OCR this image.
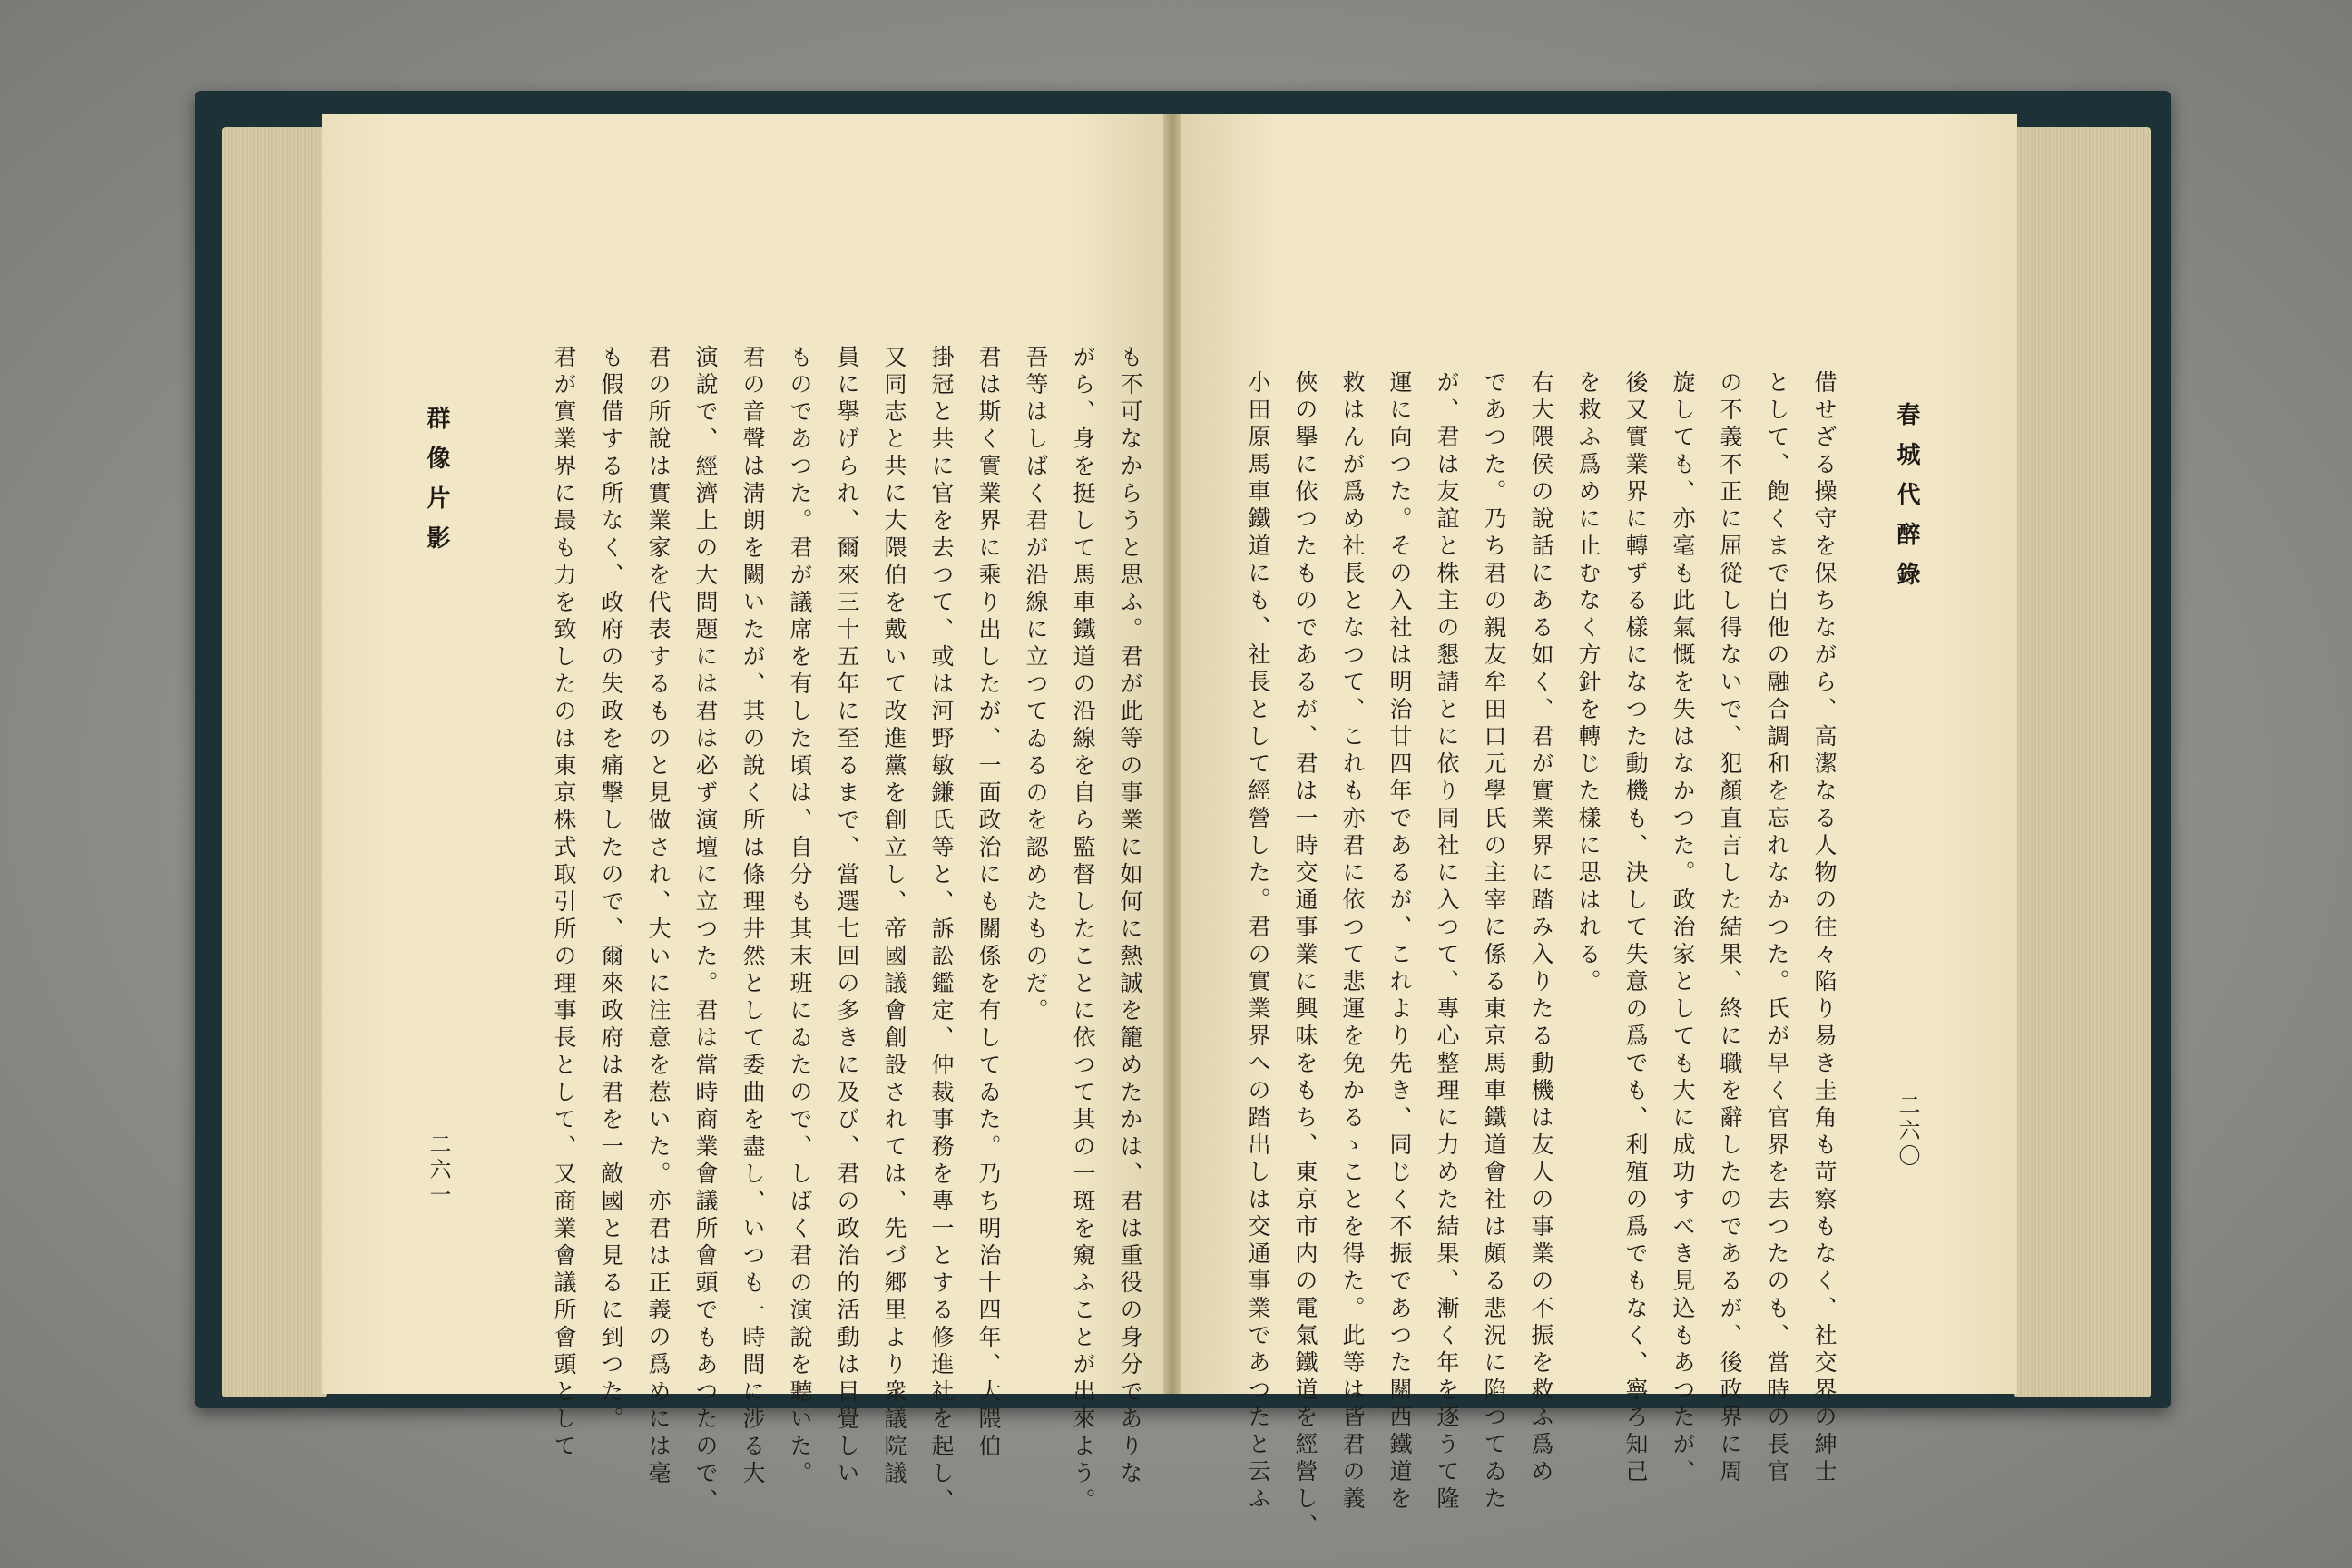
群像片影
二六一	も不可なからうと思ふ。君が此等の事業に如何に熱誠を籠めたかは、君は重役の身分でありな

がら、身を挺して馬車鐵道の沿線を自ら監督したことに依つて其の一斑を窺ふことが出來よう。

吾等はしばく君が沿線に立つてゐるのを認めたものだ。

君は斯く實業界に乘り出したが、一面政治にも關係を有してゐた。乃ち明治十四年、大隈伯

掛冠と共に官を去つて、或は河野敏鎌氏等と、訴訟鑑定、仲裁事務を專一とする修進社を起し、

又同志と共に大隈伯を戴いて改進黨を創立し、帝國議會創設されては、先づ郷里より衆議院議

員に擧げられ、爾來三十五年に至るまで、當選七回の多きに及び、君の政治的活動は目覺しい

ものであつた。君が議席を有した頃は、自分も其末班にゐたので、しばく君の演說を聽いた。

君の音聲は淸朗を闕いたが、其の說く所は條理井然として委曲を盡し、いつも一時間に涉る大

演說で、經濟上の大問題には君は必ず演壇に立つた。君は當時商業會議所會頭でもあつたので、

君の所說は實業家を代表するものと見做され、大いに注意を惹いた。亦君は正義の爲めには毫

も假借する所なく、政府の失政を痛撃したので、爾來政府は君を一敵國と見るに到つた。

君が實業界に最も力を致したのは東京株式取引所の理事長として、又商業會議所會頭として	春城代醉錄
二六〇

借せざる操守を保ちながら、高潔なる人物の往々陷り易き圭角も苛察もなく、社交界の紳士

として、飽くまで自他の融合調和を忘れなかつた。氏が早く官界を去つたのも、當時の長官

の不義不正に屈從し得ないで、犯顏直言した結果、終に職を辭したのであるが、後政界に周

旋しても、亦毫も此氣慨を失はなかつた。政治家としても大に成功すべき見込もあつたが、

後又實業界に轉ずる樣になつた動機も、決して失意の爲でも、利殖の爲でもなく、寧ろ知己

を救ふ爲めに止むなく方針を轉じた樣に思はれる。

右大隈侯の說話にある如く、君が實業界に踏み入りたる動機は友人の事業の不振を救ふ爲め

であつた。乃ち君の親友牟田口元學氏の主宰に係る東京馬車鐵道會社は頗る悲況に陷つてゐた

が、君は友誼と株主の懇請とに依り同社に入つて、專心整理に力めた結果、漸く年を逐うて隆

運に向つた。その入社は明治廿四年であるが、これより先き、同じく不振であつた關西鐵道を

救はんが爲め社長となつて、これも亦君に依つて悲運を免かるゝことを得た。此等は皆君の義

俠の擧に依つたものであるが、君は一時交通事業に興味をもち、東京市内の電氣鐵道を經營し、

小田原馬車鐵道にも、社長として經營した。君の實業界への踏出しは交通事業であつたと云ふ
